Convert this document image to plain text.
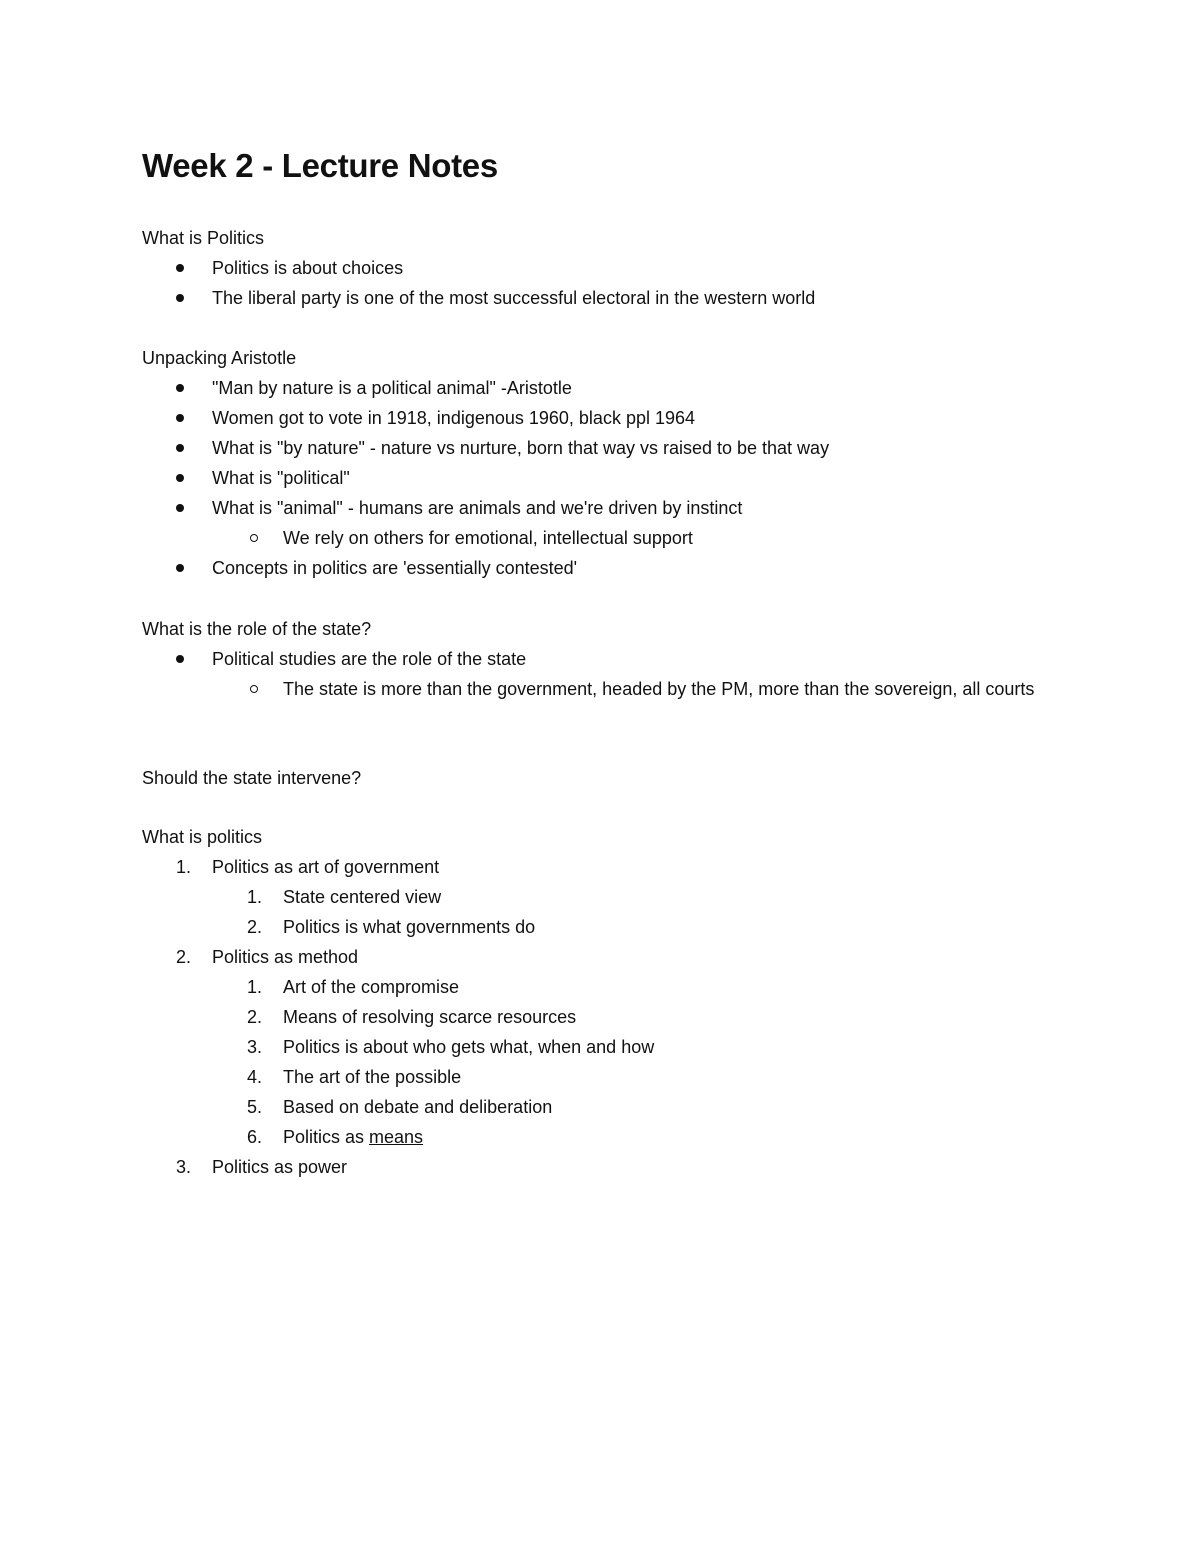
Week 2 - Lecture Notes
What is Politics
Politics is about choices
The liberal party is one of the most successful electoral in the western world
Unpacking Aristotle
"Man by nature is a political animal" -Aristotle
Women got to vote in 1918, indigenous 1960, black ppl 1964
What is "by nature" - nature vs nurture, born that way vs raised to be that way
What is "political"
What is "animal" - humans are animals and we're driven by instinct
We rely on others for emotional, intellectual support
Concepts in politics are 'essentially contested'
What is the role of the state?
Political studies are the role of the state
The state is more than the government, headed by the PM, more than the sovereign, all courts
Should the state intervene?
What is politics
1.	Politics as art of government
1.	State centered view
2.	Politics is what governments do
2.	Politics as method
1.	Art of the compromise
2.	Means of resolving scarce resources
3.	Politics is about who gets what, when and how
4.	The art of the possible
5.	Based on debate and deliberation
6.	Politics as means
3.	Politics as power
